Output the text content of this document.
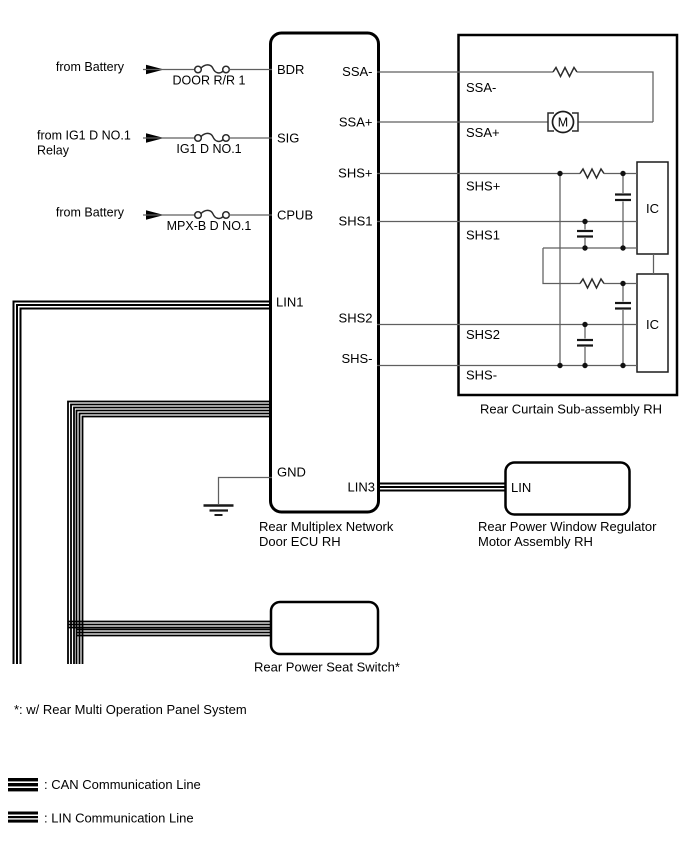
from Battery
DOOR R/R 1
from IG1 D NO.1
Relay	IG1 D NO.1
from Battery
MPX-B D NO.1
BDR
SIG
CPUB
LIN1
GND
SSA-
SSA+
SHS+
SHS1
SHS2
SHS-
LIN3
M
SSA-
SSA+
SHS+
SHS1
SHS2
SHS-
IC
IC
Rear Curtain Sub-assembly RH
Rear Multiplex Network
Door ECU RH
LIN
Rear Power Window Regulator
Motor Assembly RH
Rear Power Seat Switch*
*: w/ Rear Multi Operation Panel System
: CAN Communication Line
: LIN Communication Line
